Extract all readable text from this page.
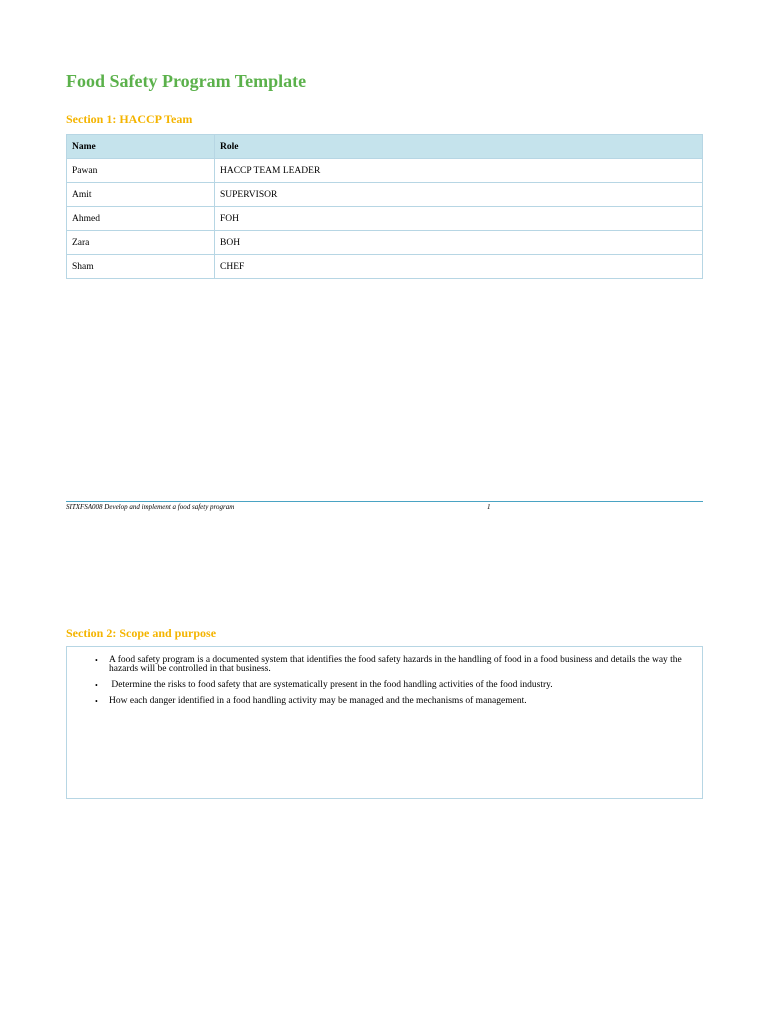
Food Safety Program Template
Section 1: HACCP Team
Name	Role
Pawan	HACCP TEAM LEADER
Amit	SUPERVISOR
Ahmed	FOH
Zara	BOH
Sham	CHEF
SITXFSA008 Develop and implement a food safety program	1
Section 2: Scope and purpose
• A food safety program is a documented system that identifies the food safety hazards in the handling of food in a food business and details the way the hazards will be controlled in that business.
• Determine the risks to food safety that are systematically present in the food handling activities of the food industry.
• How each danger identified in a food handling activity may be managed and the mechanisms of management.
